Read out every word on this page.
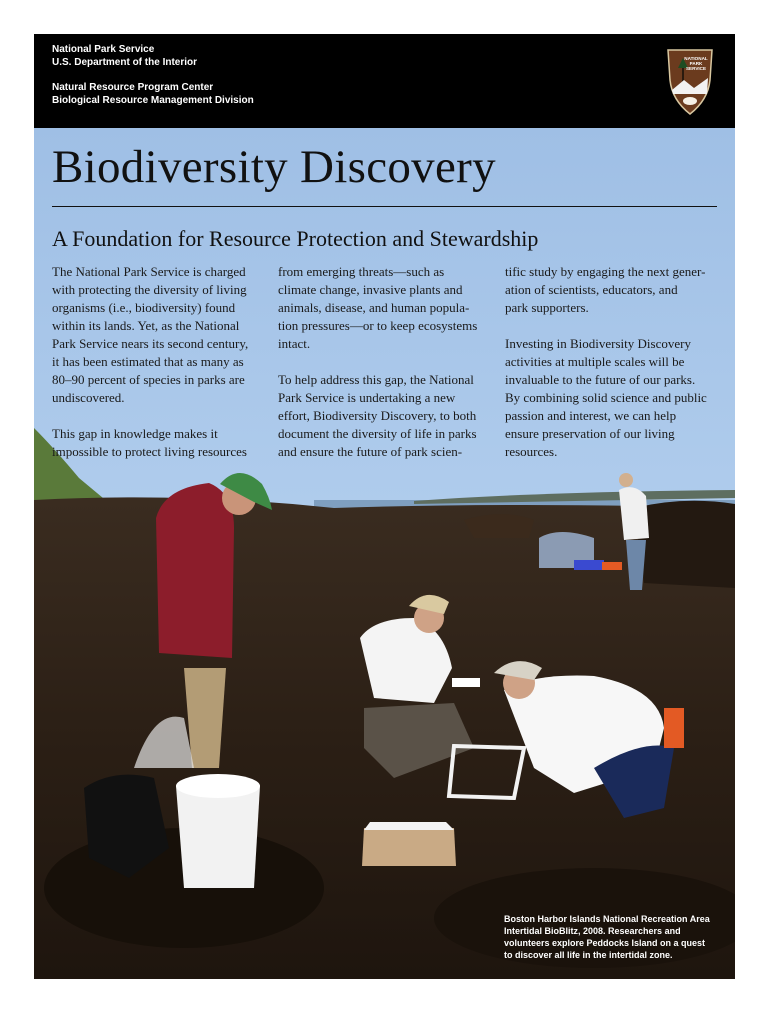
National Park Service
U.S. Department of the Interior
Natural Resource Program Center
Biological Resource Management Division
NATIONAL
PARK
SERVICE
Biodiversity Discovery
A Foundation for Resource Protection and Stewardship

The National Park Service is charged
with protecting the diversity of living
organisms (i.e., biodiversity) found
within its lands. Yet, as the National
Park Service nears its second century,
it has been estimated that as many as
80–90 percent of species in parks are
undiscovered.

This gap in knowledge makes it
impossible to protect living resources

from emerging threats—such as
climate change, invasive plants and
animals, disease, and human popula-
tion pressures—or to keep ecosystems
intact.

To help address this gap, the National
Park Service is undertaking a new
effort, Biodiversity Discovery, to both
document the diversity of life in parks
and ensure the future of park scien-

tific study by engaging the next gener-
ation of scientists, educators, and
park supporters.

Investing in Biodiversity Discovery
activities at multiple scales will be
invaluable to the future of our parks.
By combining solid science and public
passion and interest, we can help
ensure preservation of our living
resources.

Boston Harbor Islands National Recreation Area
Intertidal BioBlitz, 2008. Researchers and
volunteers explore Peddocks Island on a quest
to discover all life in the intertidal zone.
